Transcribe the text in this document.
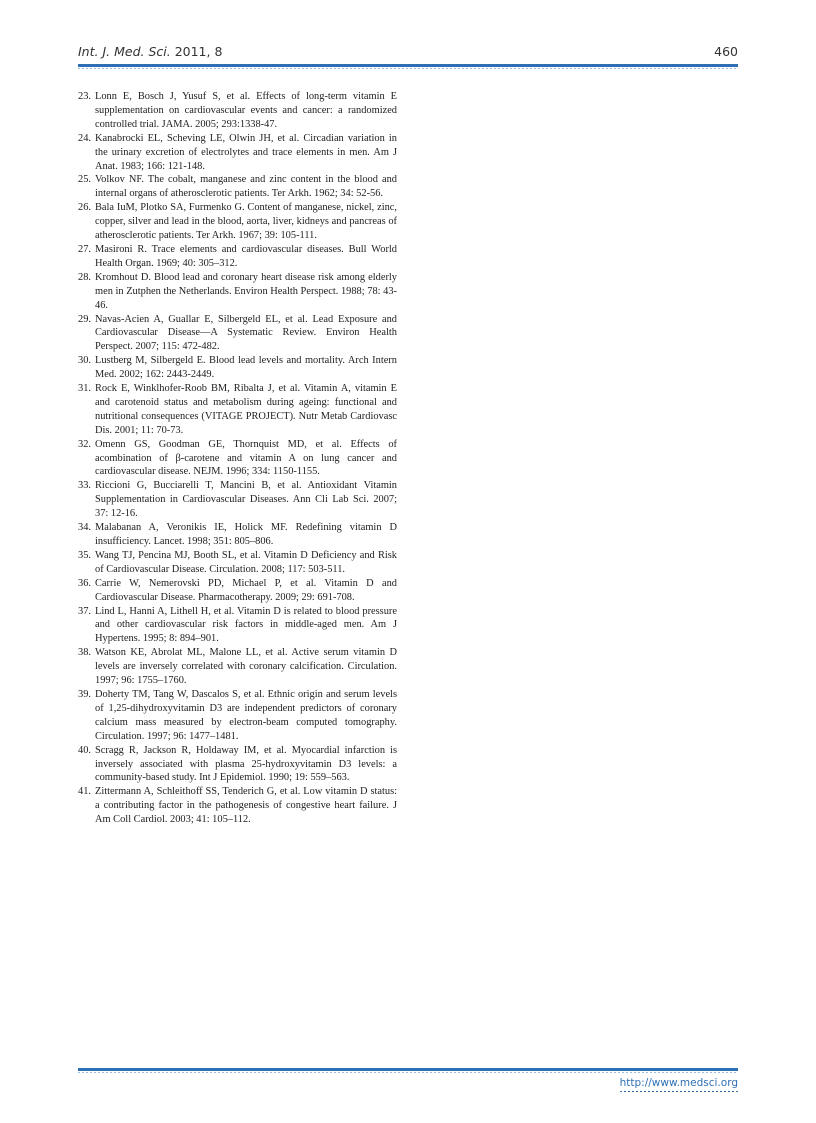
Int. J. Med. Sci. 2011, 8	460
23. Lonn E, Bosch J, Yusuf S, et al. Effects of long-term vitamin E supplementation on cardiovascular events and cancer: a randomized controlled trial. JAMA. 2005; 293:1338-47.
24. Kanabrocki EL, Scheving LE, Olwin JH, et al. Circadian variation in the urinary excretion of electrolytes and trace elements in men. Am J Anat. 1983; 166: 121-148.
25. Volkov NF. The cobalt, manganese and zinc content in the blood and internal organs of atherosclerotic patients. Ter Arkh. 1962; 34: 52-56.
26. Bala IuM, Plotko SA, Furmenko G. Content of manganese, nickel, zinc, copper, silver and lead in the blood, aorta, liver, kidneys and pancreas of atherosclerotic patients. Ter Arkh. 1967; 39: 105-111.
27. Masironi R. Trace elements and cardiovascular diseases. Bull World Health Organ. 1969; 40: 305–312.
28. Kromhout D. Blood lead and coronary heart disease risk among elderly men in Zutphen the Netherlands. Environ Health Perspect. 1988; 78: 43-46.
29. Navas-Acien A, Guallar E, Silbergeld EL, et al. Lead Exposure and Cardiovascular Disease—A Systematic Review. Environ Health Perspect. 2007; 115: 472-482.
30. Lustberg M, Silbergeld E. Blood lead levels and mortality. Arch Intern Med. 2002; 162: 2443-2449.
31. Rock E, Winklhofer-Roob BM, Ribalta J, et al. Vitamin A, vitamin E and carotenoid status and metabolism during ageing: functional and nutritional consequences (VITAGE PROJECT). Nutr Metab Cardiovasc Dis. 2001; 11: 70-73.
32. Omenn GS, Goodman GE, Thornquist MD, et al. Effects of acombination of β-carotene and vitamin A on lung cancer and cardiovascular disease. NEJM. 1996; 334: 1150-1155.
33. Riccioni G, Bucciarelli T, Mancini B, et al. Antioxidant Vitamin Supplementation in Cardiovascular Diseases. Ann Cli Lab Sci. 2007; 37: 12-16.
34. Malabanan A, Veronikis IE, Holick MF. Redefining vitamin D insufficiency. Lancet. 1998; 351: 805–806.
35. Wang TJ, Pencina MJ, Booth SL, et al. Vitamin D Deficiency and Risk of Cardiovascular Disease. Circulation. 2008; 117: 503-511.
36. Carrie W, Nemerovski PD, Michael P, et al. Vitamin D and Cardiovascular Disease. Pharmacotherapy. 2009; 29: 691-708.
37. Lind L, Hanni A, Lithell H, et al. Vitamin D is related to blood pressure and other cardiovascular risk factors in middle-aged men. Am J Hypertens. 1995; 8: 894–901.
38. Watson KE, Abrolat ML, Malone LL, et al. Active serum vitamin D levels are inversely correlated with coronary calcification. Circulation. 1997; 96: 1755–1760.
39. Doherty TM, Tang W, Dascalos S, et al. Ethnic origin and serum levels of 1,25-dihydroxyvitamin D3 are independent predictors of coronary calcium mass measured by electron-beam computed tomography. Circulation. 1997; 96: 1477–1481.
40. Scragg R, Jackson R, Holdaway IM, et al. Myocardial infarction is inversely associated with plasma 25-hydroxyvitamin D3 levels: a community-based study. Int J Epidemiol. 1990; 19: 559–563.
41. Zittermann A, Schleithoff SS, Tenderich G, et al. Low vitamin D status: a contributing factor in the pathogenesis of congestive heart failure. J Am Coll Cardiol. 2003; 41: 105–112.
http://www.medsci.org
